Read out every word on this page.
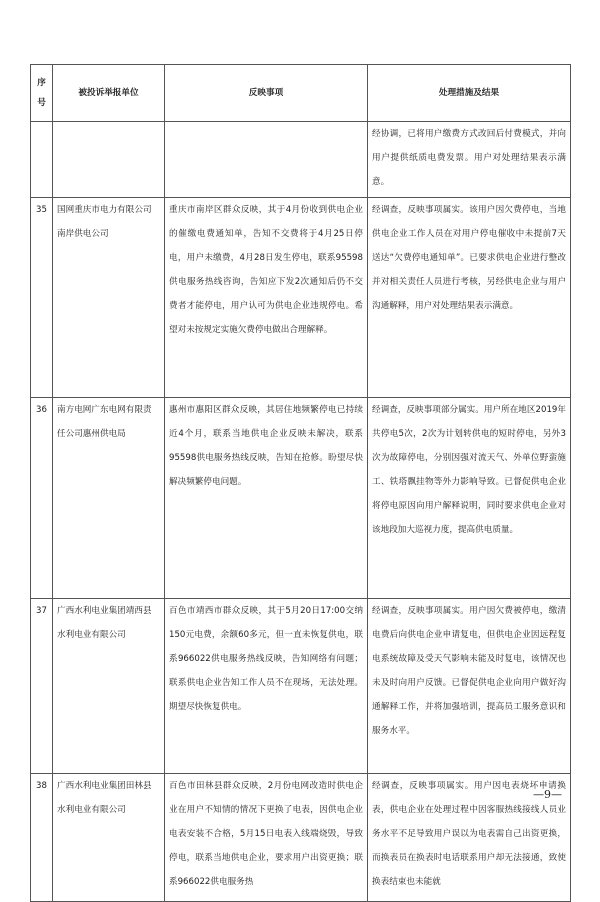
序号	被投诉举报单位	反映事项	处理措施及结果
			经协调，已将用户缴费方式改回后付费模式，并向用户提供纸质电费发票。用户对处理结果表示满意。
35	国网重庆市电力有限公司南岸供电公司	重庆市南岸区群众反映，其于4月份收到供电企业的催缴电费通知单，告知不交费将于4月25日停电，用户未缴费，4月28日发生停电，联系95598供电服务热线咨询，告知应下发2次通知后仍不交费者才能停电，用户认可为供电企业违规停电。希望对未按规定实施欠费停电做出合理解释。	经调查，反映事项属实。该用户因欠费停电，当地供电企业工作人员在对用户停电催收中未提前7天送达“欠费停电通知单”。已要求供电企业进行整改并对相关责任人员进行考核，另经供电企业与用户沟通解释，用户对处理结果表示满意。
36	南方电网广东电网有限责任公司惠州供电局	惠州市惠阳区群众反映，其居住地频繁停电已持续近4个月，联系当地供电企业反映未解决，联系95598供电服务热线反映，告知在抢修。盼望尽快解决频繁停电问题。	经调查，反映事项部分属实。用户所在地区2019年共停电5次，2次为计划转供电的短时停电，另外3次为故障停电，分别因强对流天气、外单位野蛮施工、铁塔飘挂物等外力影响导致。已督促供电企业将停电原因向用户解释说明，同时要求供电企业对该地段加大巡视力度，提高供电质量。
37	广西水利电业集团靖西县水利电业有限公司	百色市靖西市群众反映，其于5月20日17:00交纳150元电费，余额60多元，但一直未恢复供电，联系966022供电服务热线反映，告知网络有问题；联系供电企业告知工作人员不在现场，无法处理。期望尽快恢复供电。	经调查，反映事项属实。用户因欠费被停电，缴清电费后向供电企业申请复电，但供电企业因远程复电系统故障及受天气影响未能及时复电，该情况也未及时向用户反馈。已督促供电企业向用户做好沟通解释工作，并将加强培训，提高员工服务意识和服务水平。
38	广西水利电业集团田林县水利电业有限公司	百色市田林县群众反映，2月份电网改造时供电企业在用户不知情的情况下更换了电表，因供电企业电表安装不合格，5月15日电表入线端烧毁，导致停电，联系当地供电企业，要求用户出资更换；联系966022供电服务热	经调查，反映事项属实。用户因电表烧坏申请换表，供电企业在处理过程中因客服热线接线人员业务水平不足导致用户误以为电表需自己出资更换，而换表员在换表时电话联系用户却无法接通，致使换表结束也未能就
—9—
